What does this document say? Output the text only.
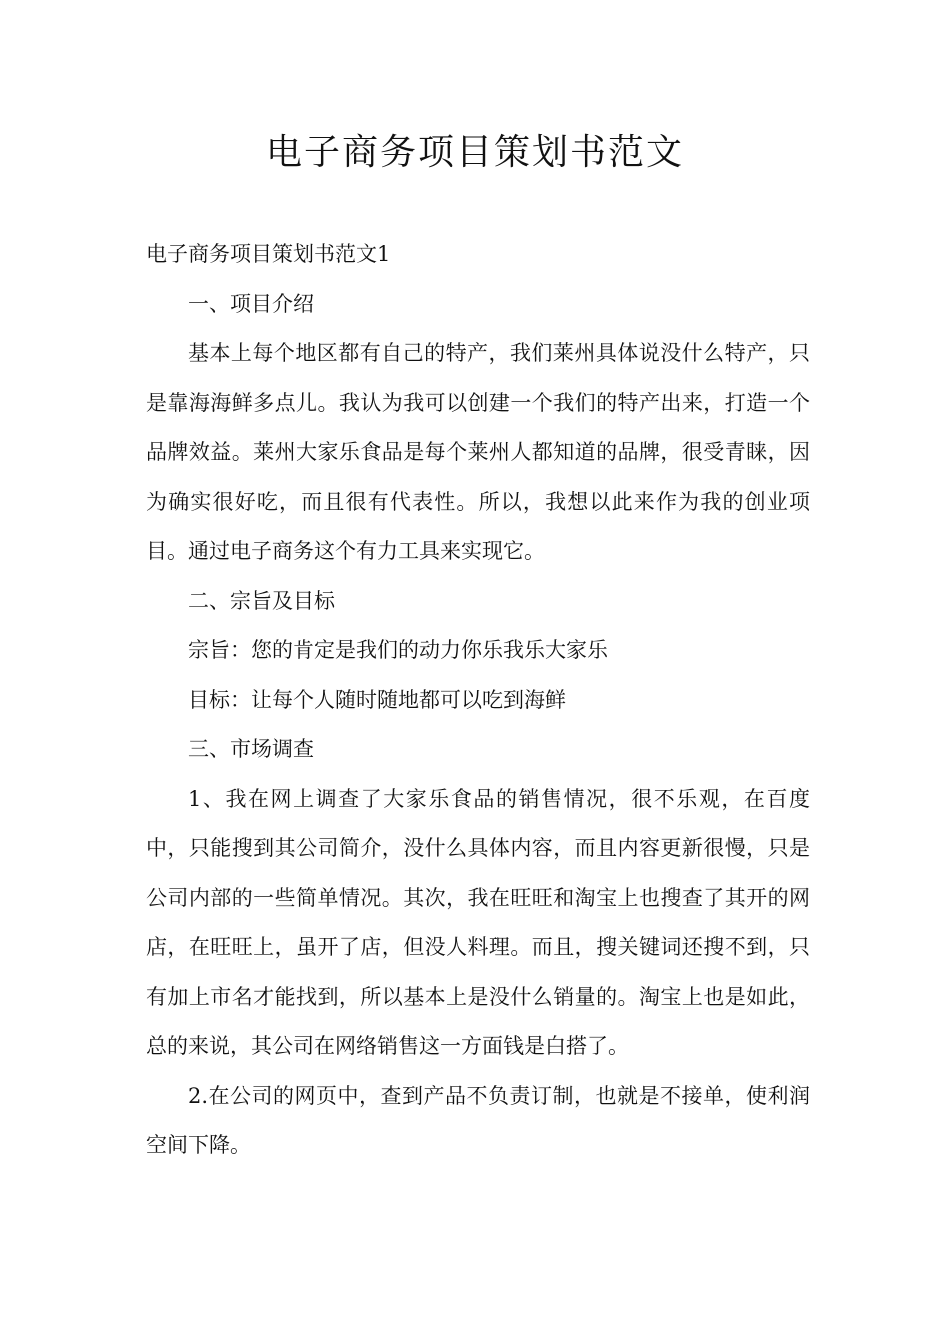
电子商务项目策划书范文

电子商务项目策划书范文1

一、项目介绍

基本上每个地区都有自己的特产，我们莱州具体说没什么特产，只是靠海海鲜多点儿。我认为我可以创建一个我们的特产出来，打造一个品牌效益。莱州大家乐食品是每个莱州人都知道的品牌，很受青睐，因为确实很好吃，而且很有代表性。所以，我想以此来作为我的创业项目。通过电子商务这个有力工具来实现它。

二、宗旨及目标

宗旨：您的肯定是我们的动力你乐我乐大家乐

目标：让每个人随时随地都可以吃到海鲜

三、市场调查

1、我在网上调查了大家乐食品的销售情况，很不乐观，在百度中，只能搜到其公司简介，没什么具体内容，而且内容更新很慢，只是公司内部的一些简单情况。其次，我在旺旺和淘宝上也搜查了其开的网店，在旺旺上，虽开了店，但没人料理。而且，搜关键词还搜不到，只有加上市名才能找到，所以基本上是没什么销量的。淘宝上也是如此，总的来说，其公司在网络销售这一方面钱是白搭了。

2.在公司的网页中，查到产品不负责订制，也就是不接单，使利润空间下降。
